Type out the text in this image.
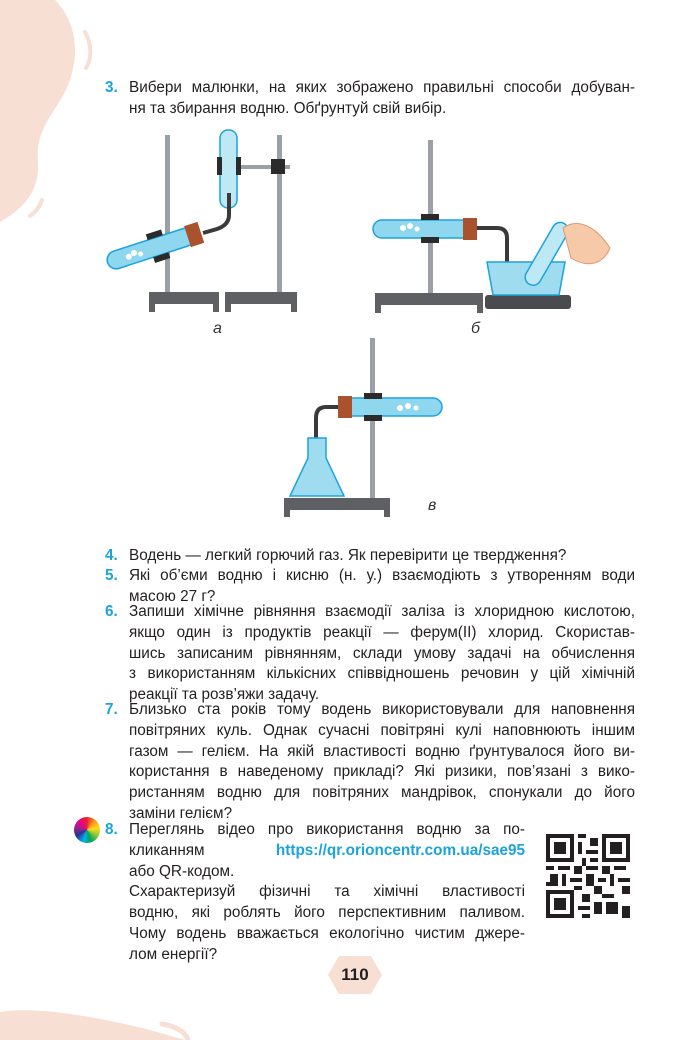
3. Вибери малюнки, на яких зображено правильні способи добуван-
ня та збирання водню. Обґрунтуй свій вибір.
а	б
в
4. Водень — легкий горючий газ. Як перевірити це твердження?
5. Які об’єми водню і кисню (н. у.) взаємодіють з утворенням води
масою 27 г?
6. Запиши хімічне рівняння взаємодії заліза із хлоридною кислотою,
якщо один із продуктів реакції — ферум(ІІ) хлорид. Скористав-
шись записаним рівнянням, склади умову задачі на обчислення
з використанням кількісних співвідношень речовин у цій хімічній
реакції та розв’яжи задачу.
7. Близько ста років тому водень використовували для наповнення
повітряних куль. Однак сучасні повітряні кулі наповнюють іншим
газом — гелієм. На якій властивості водню ґрунтувалося його ви-
користання в наведеному прикладі? Які ризики, пов’язані з вико-
ристанням водню для повітряних мандрівок, спонукали до його
заміни гелієм?
8. Переглянь відео про використання водню за по-
кликанням	https://qr.orioncentr.com.ua/sae95
або QR-кодом.
Схарактеризуй фізичні та хімічні властивості
водню, які роблять його перспективним паливом.
Чому водень вважається екологічно чистим джере-
лом енергії?
110
